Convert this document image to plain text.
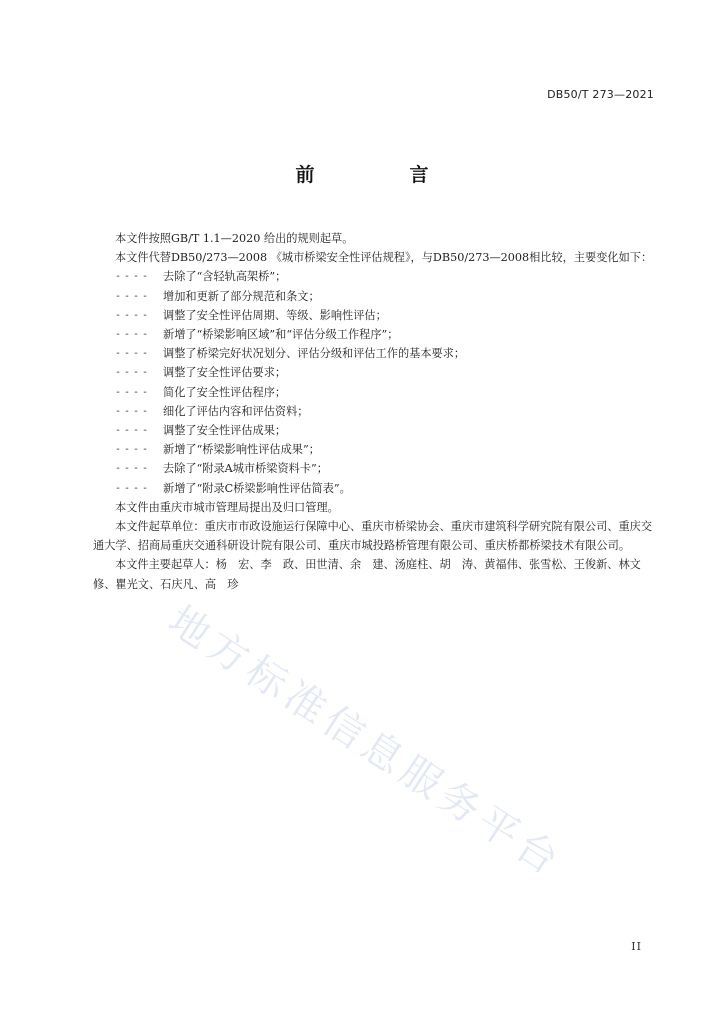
DB50/T 273—2021
前　言

本文件按照GB/T 1.1—2020 给出的规则起草。

本文件代替DB50/273—2008 《城市桥梁安全性评估规程》，与DB50/273—2008相比较，主要变化如下：

----	去除了“含轻轨高架桥”；
----	增加和更新了部分规范和条文；
----	调整了安全性评估周期、等级、影响性评估；
----	新增了“桥梁影响区域”和“评估分级工作程序”；
----	调整了桥梁完好状况划分、评估分级和评估工作的基本要求；
----	调整了安全性评估要求；
----	简化了安全性评估程序；
----	细化了评估内容和评估资料；
----	调整了安全性评估成果；
----	新增了“桥梁影响性评估成果”；
----	去除了“附录A城市桥梁资料卡”；
----	新增了“附录C桥梁影响性评估简表”。

本文件由重庆市城市管理局提出及归口管理。

本文件起草单位：重庆市市政设施运行保障中心、重庆市桥梁协会、重庆市建筑科学研究院有限公司、重庆交通大学、招商局重庆交通科研设计院有限公司、重庆市城投路桥管理有限公司、重庆桥都桥梁技术有限公司。

本文件主要起草人：杨　宏、李　政、田世清、余　建、汤庭柱、胡　涛、黄福伟、张雪松、王俊新、林文修、瞿光文、石庆凡、高　珍

地方标准信息服务平台
II
